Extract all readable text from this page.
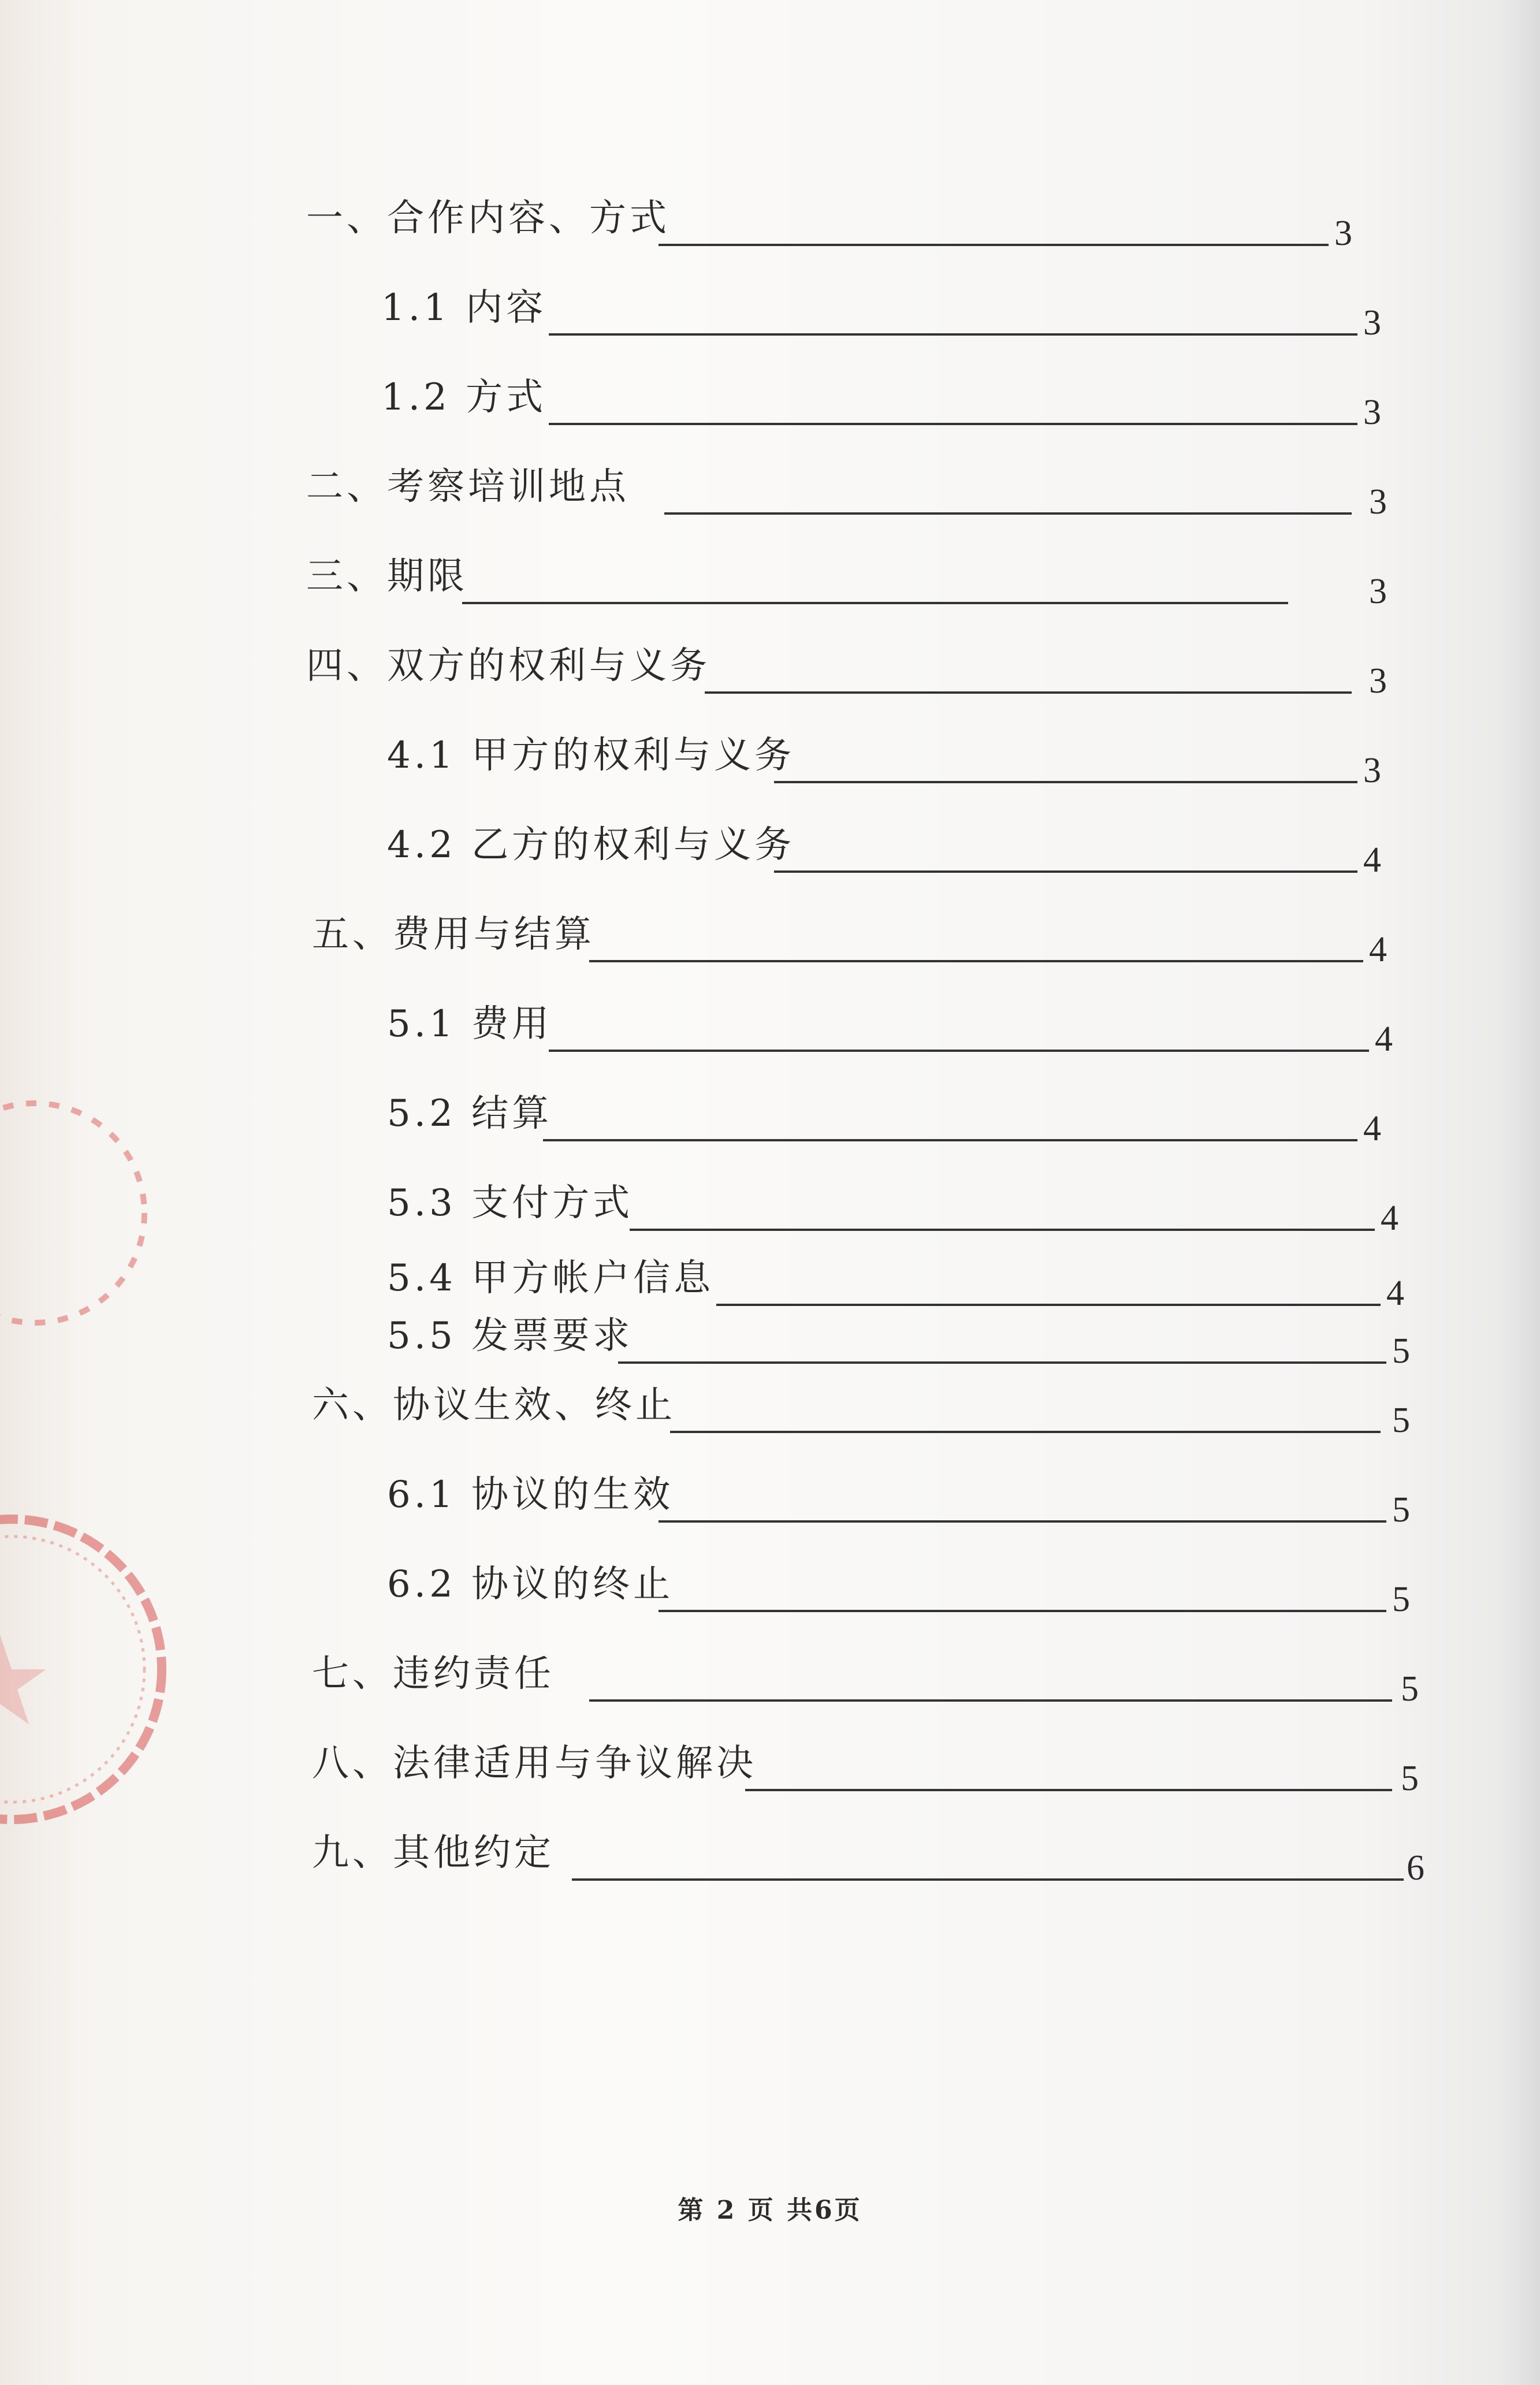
一、合作内容、方式	3
1.1 内容	3
1.2 方式	3
二、考察培训地点	3
三、期限	3
四、双方的权利与义务	3
4.1 甲方的权利与义务	3
4.2 乙方的权利与义务	4
五、费用与结算	4
5.1 费用	4
5.2 结算	4
5.3 支付方式	4
5.4 甲方帐户信息	4
5.5 发票要求	5
六、协议生效、终止	5
6.1 协议的生效	5
6.2 协议的终止	5
七、违约责任	5
八、法律适用与争议解决	5
九、其他约定	6
第 2 页 共6页
